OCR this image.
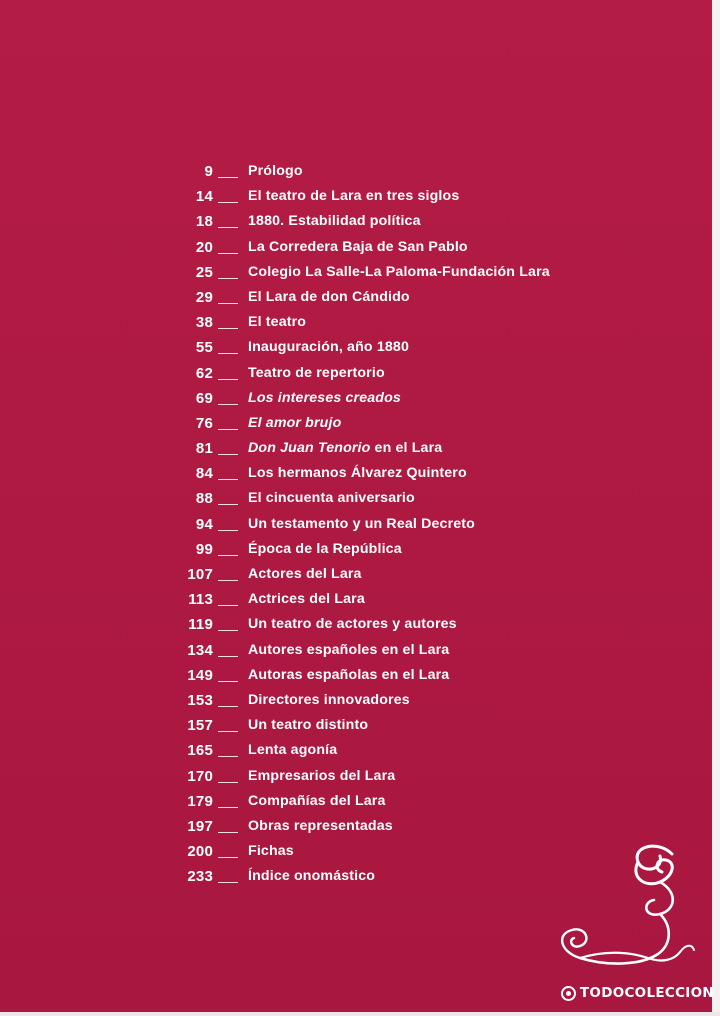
9 Prólogo
14 El teatro de Lara en tres siglos
18 1880. Estabilidad política
20 La Corredera Baja de San Pablo
25 Colegio La Salle-La Paloma-Fundación Lara
29 El Lara de don Cándido
38 El teatro
55 Inauguración, año 1880
62 Teatro de repertorio
69 Los intereses creados
76 El amor brujo
81 Don Juan Tenorio en el Lara
84 Los hermanos Álvarez Quintero
88 El cincuenta aniversario
94 Un testamento y un Real Decreto
99 Época de la República
107 Actores del Lara
113 Actrices del Lara
119 Un teatro de actores y autores
134 Autores españoles en el Lara
149 Autoras españolas en el Lara
153 Directores innovadores
157 Un teatro distinto
165 Lenta agonía
170 Empresarios del Lara
179 Compañías del Lara
197 Obras representadas
200 Fichas
233 Índice onomástico
TODOCOLECCION
